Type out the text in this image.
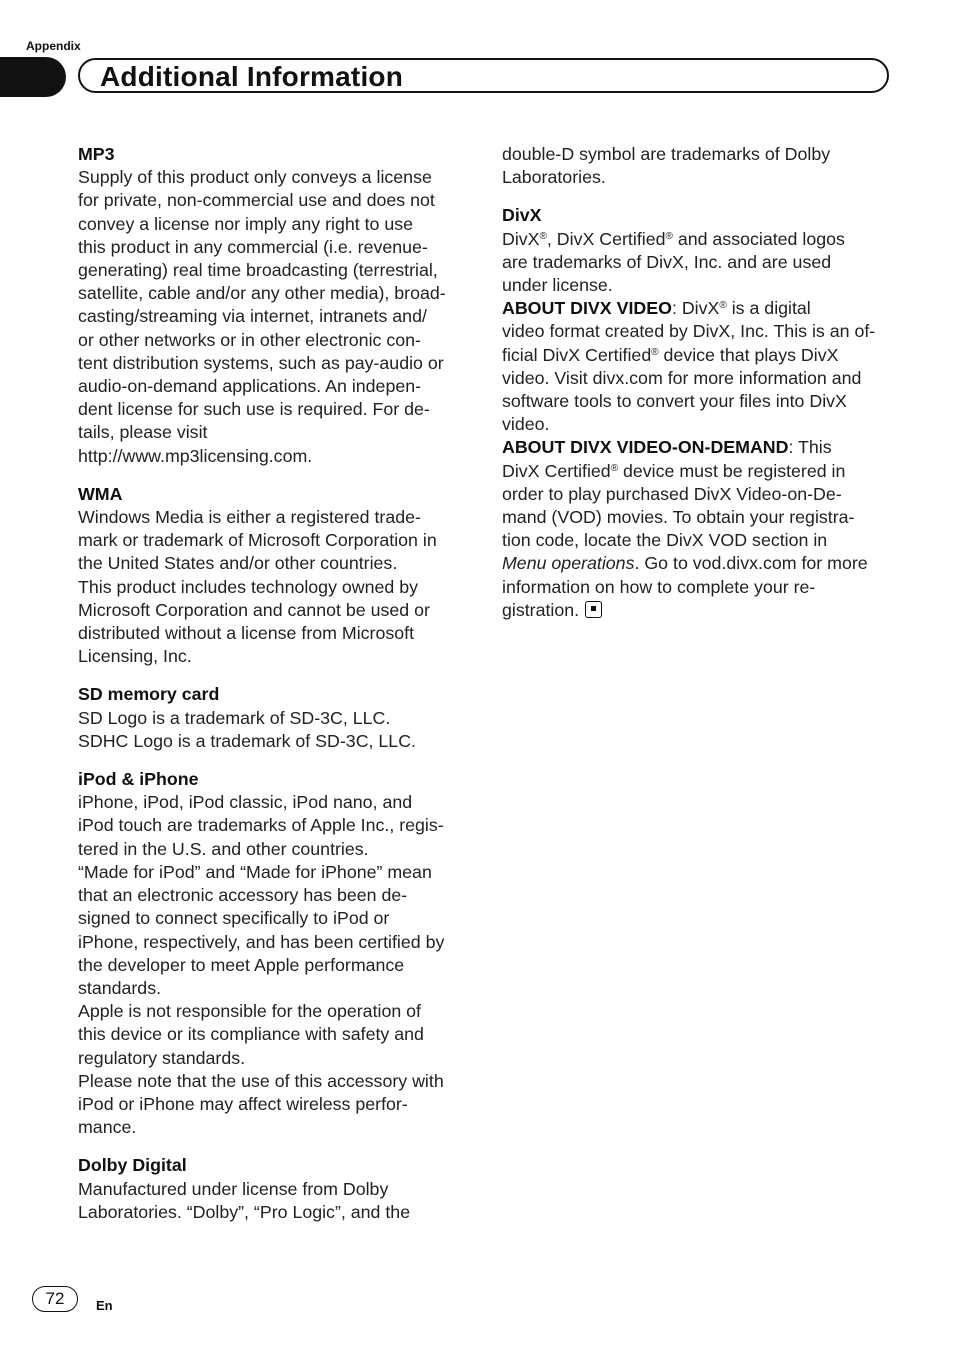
Appendix
Additional Information
MP3
Supply of this product only conveys a license
for private, non-commercial use and does not
convey a license nor imply any right to use
this product in any commercial (i.e. revenue-
generating) real time broadcasting (terrestrial,
satellite, cable and/or any other media), broad-
casting/streaming via internet, intranets and/
or other networks or in other electronic con-
tent distribution systems, such as pay-audio or
audio-on-demand applications. An indepen-
dent license for such use is required. For de-
tails, please visit
http://www.mp3licensing.com.
WMA
Windows Media is either a registered trade-
mark or trademark of Microsoft Corporation in
the United States and/or other countries.
This product includes technology owned by
Microsoft Corporation and cannot be used or
distributed without a license from Microsoft
Licensing, Inc.
SD memory card
SD Logo is a trademark of SD-3C, LLC.
SDHC Logo is a trademark of SD-3C, LLC.
iPod & iPhone
iPhone, iPod, iPod classic, iPod nano, and
iPod touch are trademarks of Apple Inc., regis-
tered in the U.S. and other countries.
“Made for iPod” and “Made for iPhone” mean
that an electronic accessory has been de-
signed to connect specifically to iPod or
iPhone, respectively, and has been certified by
the developer to meet Apple performance
standards.
Apple is not responsible for the operation of
this device or its compliance with safety and
regulatory standards.
Please note that the use of this accessory with
iPod or iPhone may affect wireless perfor-
mance.
Dolby Digital
Manufactured under license from Dolby
Laboratories. “Dolby”, “Pro Logic”, and the
double-D symbol are trademarks of Dolby
Laboratories.
DivX
DivX®, DivX Certified® and associated logos
are trademarks of DivX, Inc. and are used
under license.
ABOUT DIVX VIDEO: DivX® is a digital
video format created by DivX, Inc. This is an of-
ficial DivX Certified® device that plays DivX
video. Visit divx.com for more information and
software tools to convert your files into DivX
video.
ABOUT DIVX VIDEO-ON-DEMAND: This
DivX Certified® device must be registered in
order to play purchased DivX Video-on-De-
mand (VOD) movies. To obtain your registra-
tion code, locate the DivX VOD section in
Menu operations. Go to vod.divx.com for more
information on how to complete your re-
gistration.
72	En
